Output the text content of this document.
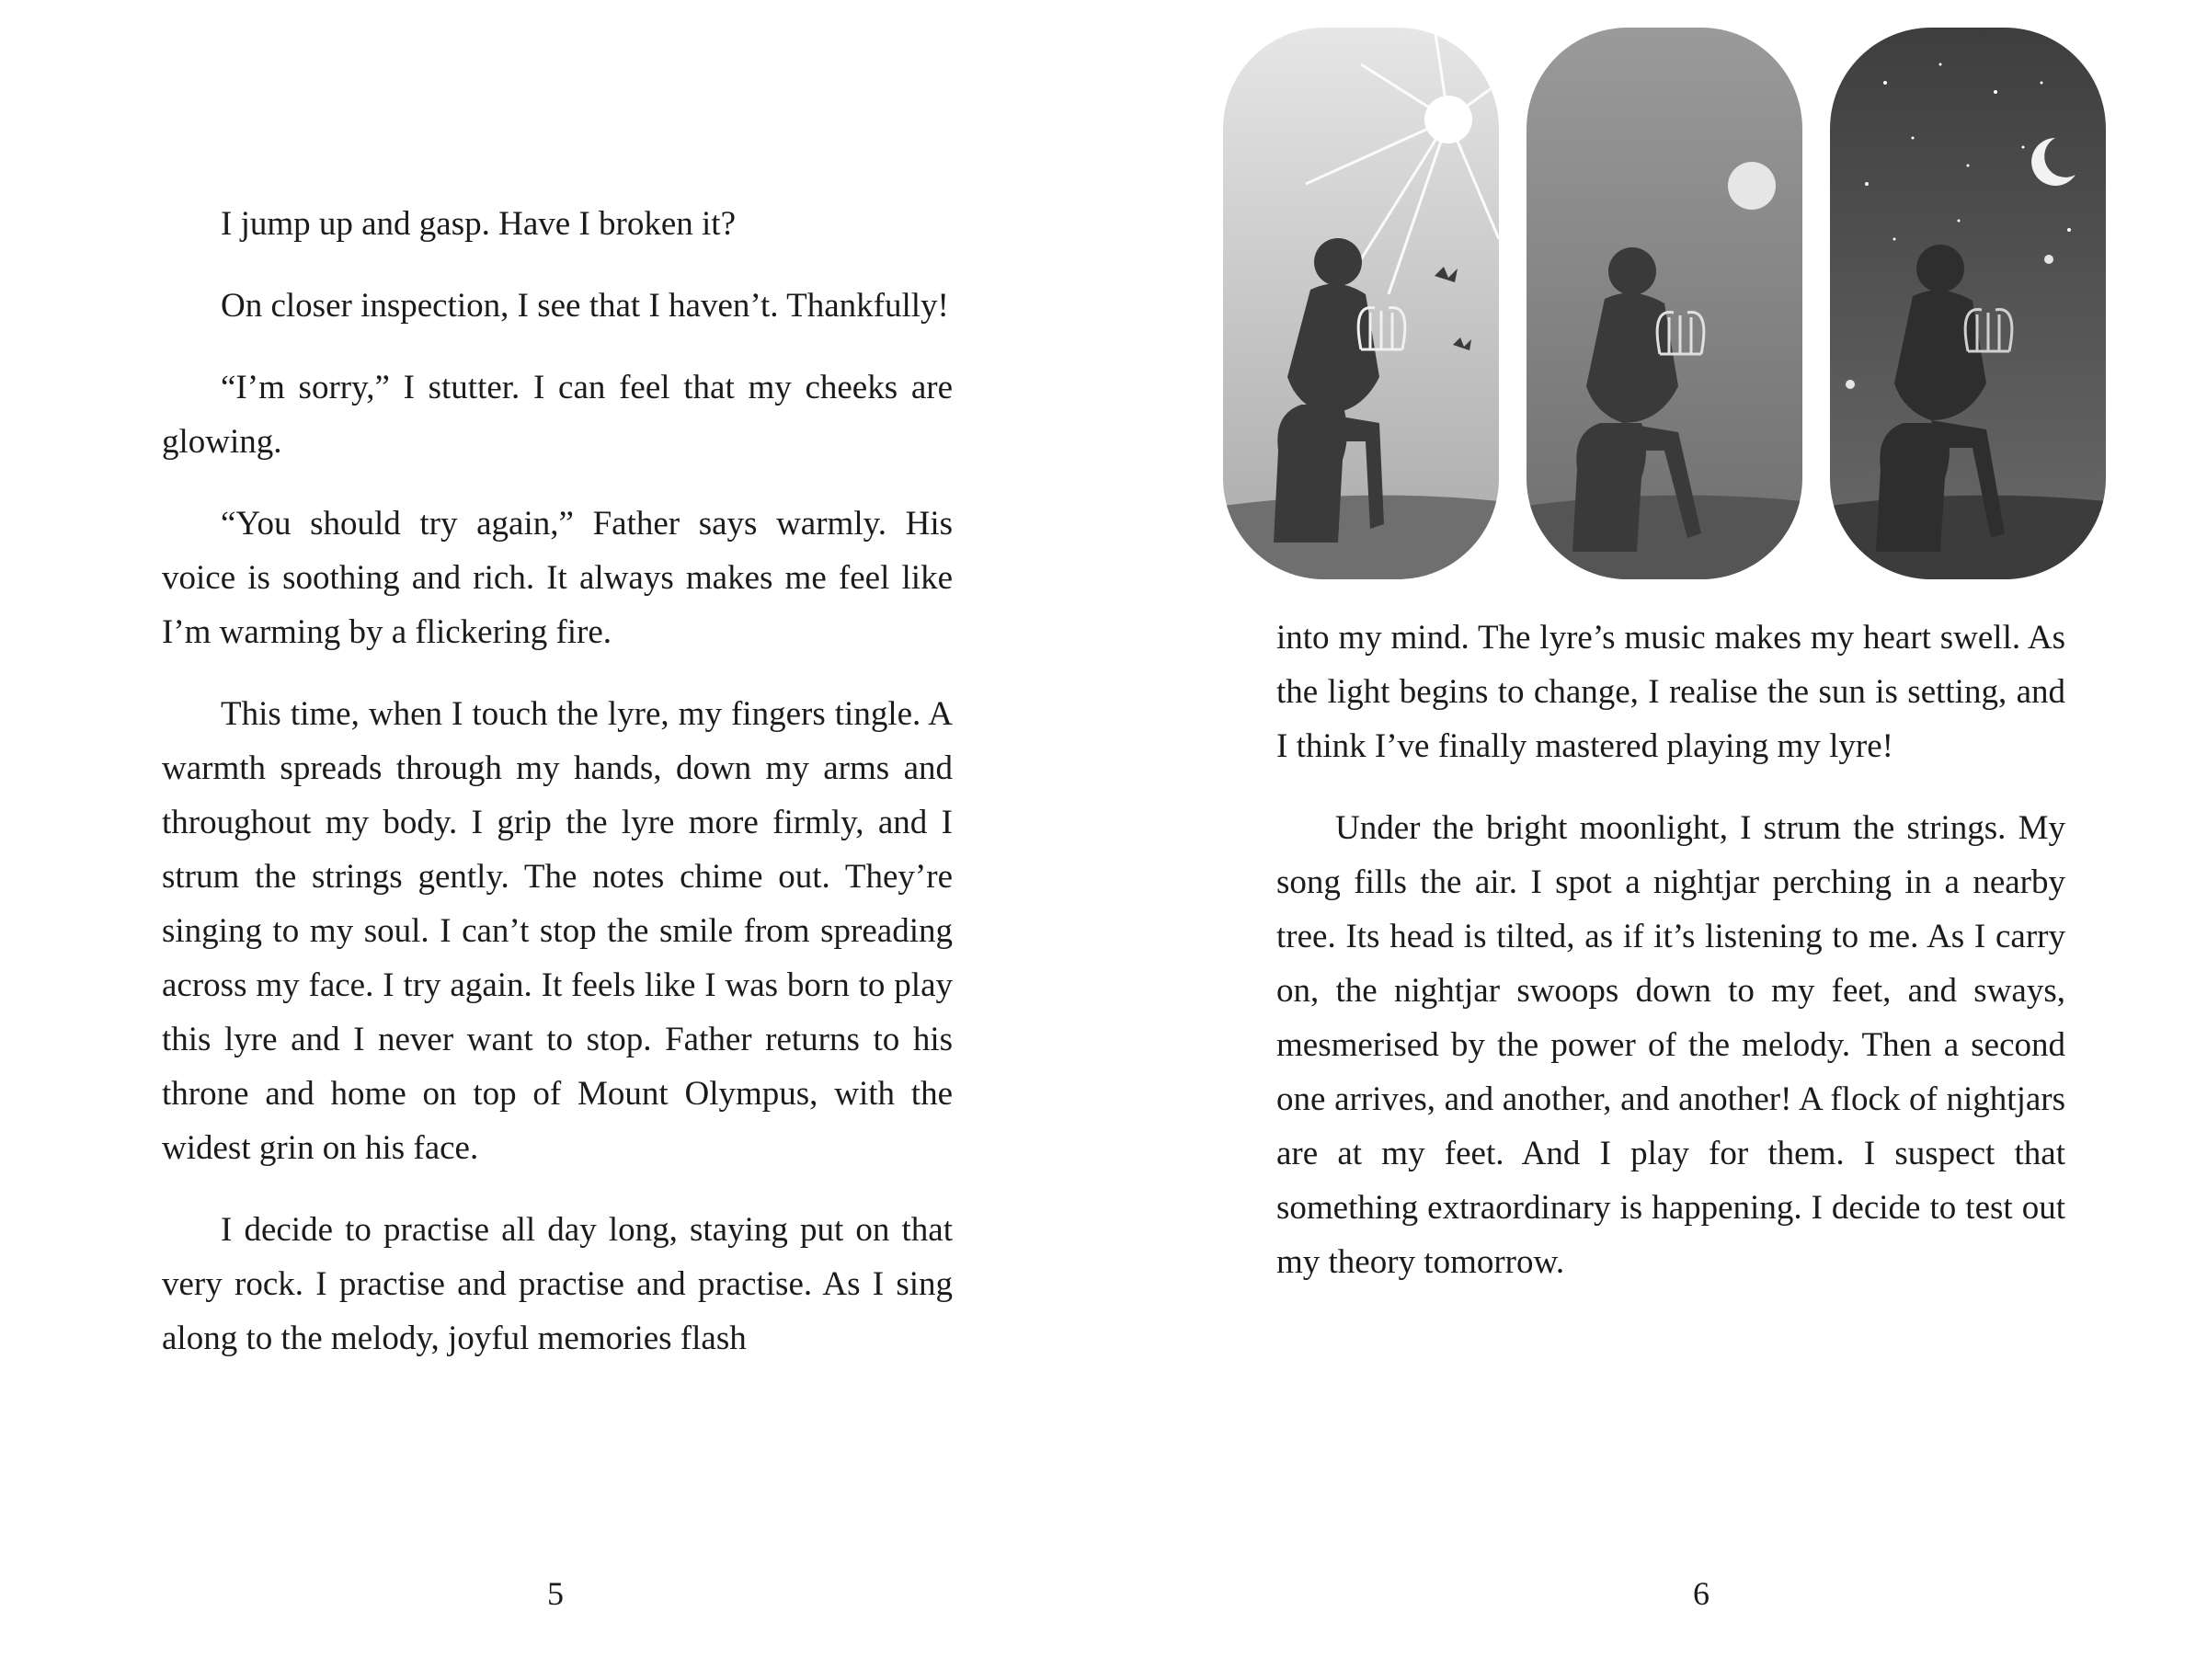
I jump up and gasp. Have I broken it?

On closer inspection, I see that I haven’t. Thankfully!

“I’m sorry,” I stutter. I can feel that my cheeks are glowing.

“You should try again,” Father says warmly. His voice is soothing and rich. It always makes me feel like I’m warming by a flickering fire.

This time, when I touch the lyre, my fingers tingle. A warmth spreads through my hands, down my arms and throughout my body. I grip the lyre more firmly, and I strum the strings gently. The notes chime out. They’re singing to my soul. I can’t stop the smile from spreading across my face. I try again. It feels like I was born to play this lyre and I never want to stop. Father returns to his throne and home on top of Mount Olympus, with the widest grin on his face.

I decide to practise all day long, staying put on that very rock. I practise and practise and practise. As I sing along to the melody, joyful memories flash

5

into my mind. The lyre’s music makes my heart swell. As the light begins to change, I realise the sun is setting, and I think I’ve finally mastered playing my lyre!

Under the bright moonlight, I strum the strings. My song fills the air. I spot a nightjar perching in a nearby tree. Its head is tilted, as if it’s listening to me. As I carry on, the nightjar swoops down to my feet, and sways, mesmerised by the power of the melody. Then a second one arrives, and another, and another! A flock of nightjars are at my feet. And I play for them. I suspect that something extraordinary is happening. I decide to test out my theory tomorrow.

6
